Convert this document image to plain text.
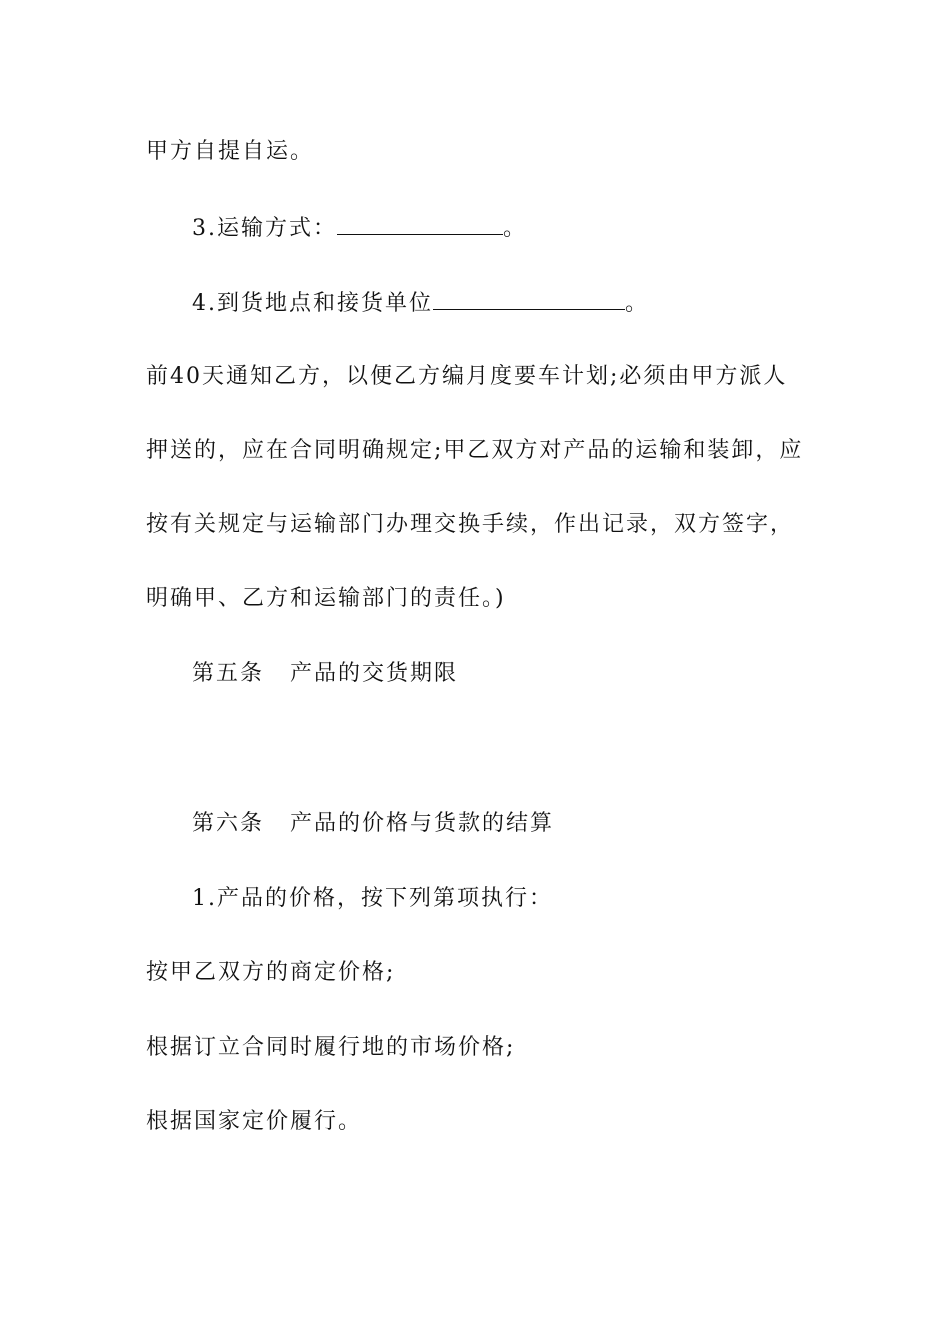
甲方自提自运。
3.运输方式：	。
4.到货地点和接货单位	。
前40天通知乙方，以便乙方编月度要车计划;必须由甲方派人
押送的，应在合同明确规定;甲乙双方对产品的运输和装卸，应
按有关规定与运输部门办理交换手续，作出记录，双方签字，
明确甲、乙方和运输部门的责任。)
第五条 产品的交货期限
第六条 产品的价格与货款的结算
1.产品的价格，按下列第项执行：
按甲乙双方的商定价格;
根据订立合同时履行地的市场价格;
根据国家定价履行。
